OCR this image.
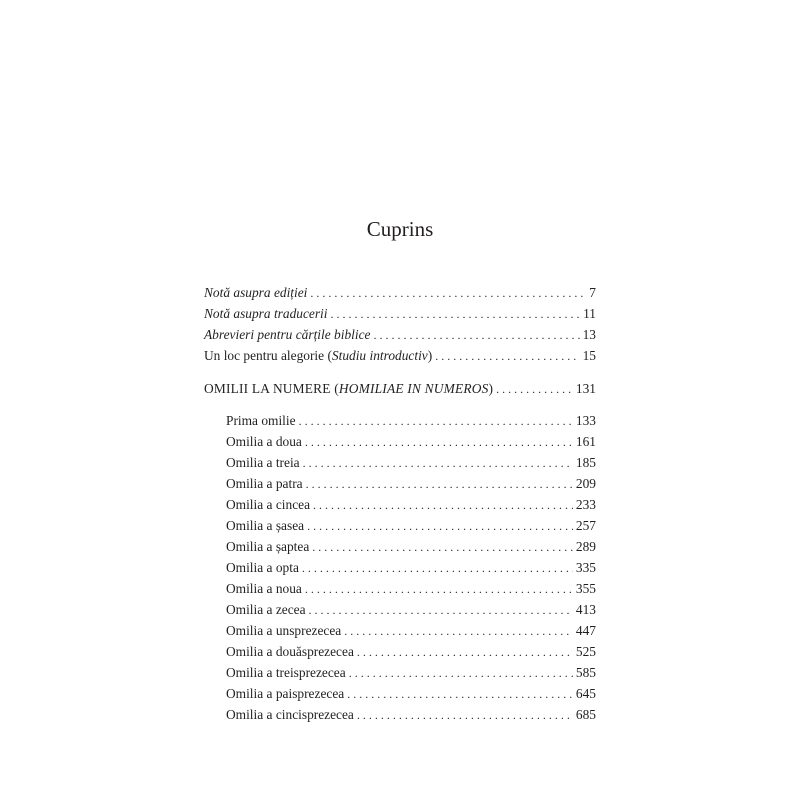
Cuprins
Notă asupra ediției . . .	7
Notă asupra traducerii . . .	11
Abrevieri pentru cărțile biblice . . .	13
Un loc pentru alegorie (Studiu introductiv) . . .	15
OMILII LA NUMERE (HOMILIAE IN NUMEROS) . . .	131
Prima omilie . . .	133
Omilia a doua . . .	161
Omilia a treia . . .	185
Omilia a patra . . .	209
Omilia a cincea . . .	233
Omilia a șasea . . .	257
Omilia a șaptea . . .	289
Omilia a opta . . .	335
Omilia a noua . . .	355
Omilia a zecea . . .	413
Omilia a unsprezecea . . .	447
Omilia a douăsprezecea . . .	525
Omilia a treisprezecea . . .	585
Omilia a paisprezecea . . .	645
Omilia a cincisprezecea . . .	685
